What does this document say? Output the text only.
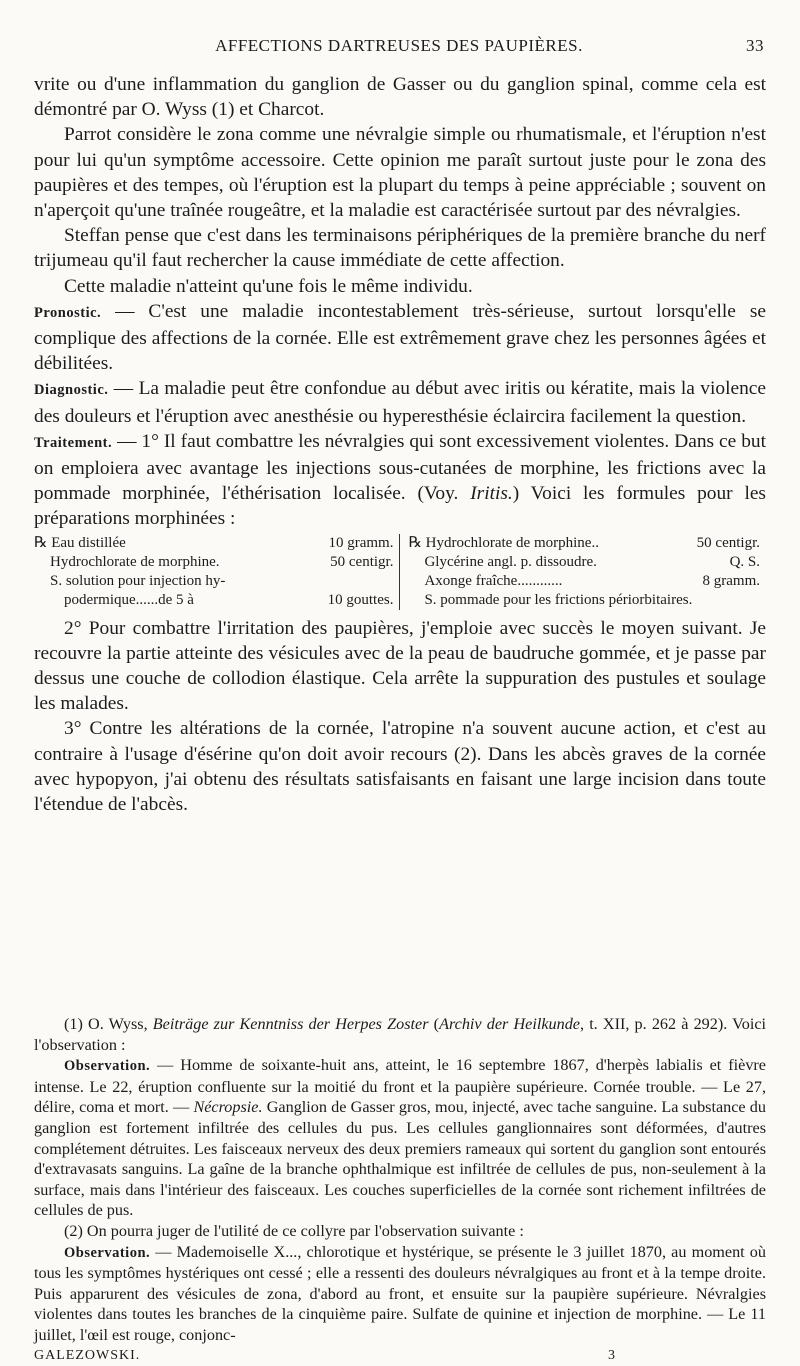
AFFECTIONS DARTREUSES DES PAUPIÈRES.	33

vrite ou d'une inflammation du ganglion de Gasser ou du ganglion spinal, comme cela est démontré par O. Wyss (1) et Charcot.

Parrot considère le zona comme une névralgie simple ou rhumatismale, et l'éruption n'est pour lui qu'un symptôme accessoire. Cette opinion me paraît surtout juste pour le zona des paupières et des tempes, où l'éruption est la plupart du temps à peine appréciable ; souvent on n'aperçoit qu'une traînée rougeâtre, et la maladie est caractérisée surtout par des névralgies.

Steffan pense que c'est dans les terminaisons périphériques de la première branche du nerf trijumeau qu'il faut rechercher la cause immédiate de cette affection.

Cette maladie n'atteint qu'une fois le même individu.

Pronostic. — C'est une maladie incontestablement très-sérieuse, surtout lorsqu'elle se complique des affections de la cornée. Elle est extrêmement grave chez les personnes âgées et débilitées.

Diagnostic. — La maladie peut être confondue au début avec iritis ou kératite, mais la violence des douleurs et l'éruption avec anesthésie ou hyperesthésie éclaircira facilement la question.

Traitement. — 1° Il faut combattre les névralgies qui sont excessivement violentes. Dans ce but on emploiera avec avantage les injections sous-cutanées de morphine, les frictions avec la pommade morphinée, l'éthérisation localisée. (Voy. Iritis.) Voici les formules pour les préparations morphinées :

℞ Eau distillée	10 gramm.
Hydrochlorate de morphine.	50 centigr.
S. solution pour injection hy-
podermique......de 5 à	10 gouttes.
℞ Hydrochlorate de morphine..	50 centigr.
Glycérine angl. p. dissoudre.	Q. S.
Axonge fraîche............	8 gramm.
S. pommade pour les frictions périorbitaires.

2° Pour combattre l'irritation des paupières, j'emploie avec succès le moyen suivant. Je recouvre la partie atteinte des vésicules avec de la peau de baudruche gommée, et je passe par dessus une couche de collodion élastique. Cela arrête la suppuration des pustules et soulage les malades.

3° Contre les altérations de la cornée, l'atropine n'a souvent aucune action, et c'est au contraire à l'usage d'ésérine qu'on doit avoir recours (2). Dans les abcès graves de la cornée avec hypopyon, j'ai obtenu des résultats satisfaisants en faisant une large incision dans toute l'étendue de l'abcès.

(1) O. Wyss, Beiträge zur Kenntniss der Herpes Zoster (Archiv der Heilkunde, t. XII, p. 262 à 292). Voici l'observation :

Observation. — Homme de soixante-huit ans, atteint, le 16 septembre 1867, d'herpès labialis et fièvre intense. Le 22, éruption confluente sur la moitié du front et la paupière supérieure. Cornée trouble. — Le 27, délire, coma et mort. — Nécropsie. Ganglion de Gasser gros, mou, injecté, avec tache sanguine. La substance du ganglion est fortement infiltrée des cellules du pus. Les cellules ganglionnaires sont déformées, d'autres complétement détruites. Les faisceaux nerveux des deux premiers rameaux qui sortent du ganglion sont entourés d'extravasats sanguins. La gaîne de la branche ophthalmique est infiltrée de cellules de pus, non-seulement à la surface, mais dans l'intérieur des faisceaux. Les couches superficielles de la cornée sont richement infiltrées de cellules de pus.

(2) On pourra juger de l'utilité de ce collyre par l'observation suivante :

Observation. — Mademoiselle X..., chlorotique et hystérique, se présente le 3 juillet 1870, au moment où tous les symptômes hystériques ont cessé ; elle a ressenti des douleurs névralgiques au front et à la tempe droite. Puis apparurent des vésicules de zona, d'abord au front, et ensuite sur la paupière supérieure. Névralgies violentes dans toutes les branches de la cinquième paire. Sulfate de quinine et injection de morphine. — Le 11 juillet, l'œil est rouge, conjonc-

GALEZOWSKI.	3
